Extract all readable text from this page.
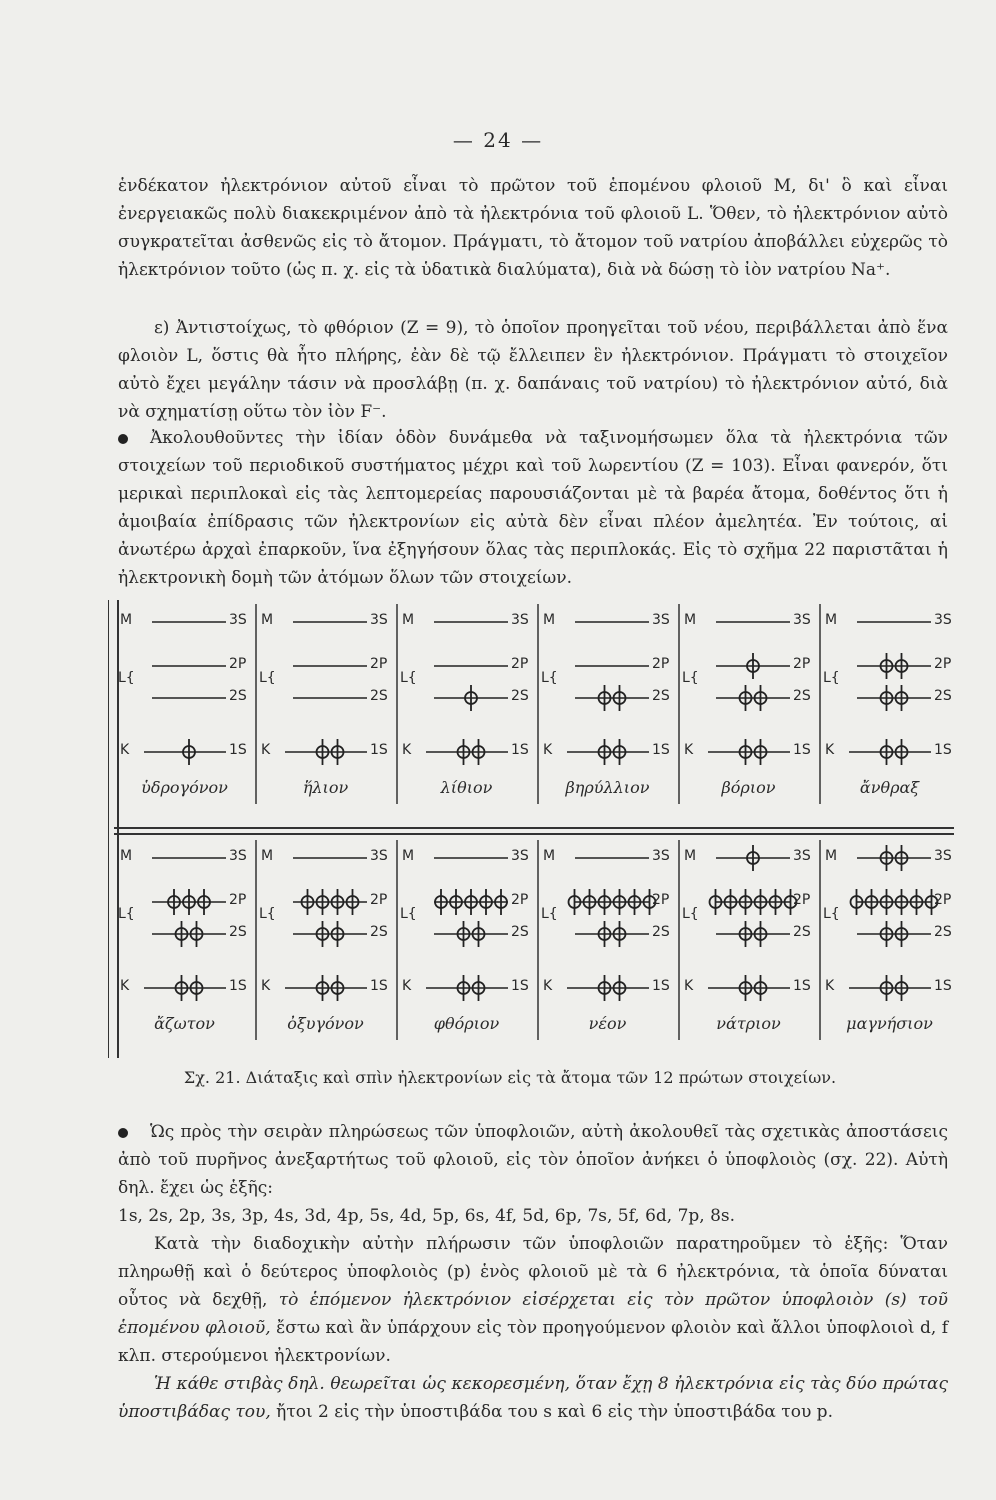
— 24 —

ἑνδέκατον ἠλεκτρόνιον αὐτοῦ εἶναι τὸ πρῶτον τοῦ ἑπομένου φλοιοῦ Μ, δι' ὃ καὶ εἶναι ἐνεργειακῶς πολὺ διακεκριμένον ἀπὸ τὰ ἠλεκτρόνια τοῦ φλοιοῦ L. Ὅθεν, τὸ ἠλεκτρόνιον αὐτὸ συγκρατεῖται ἀσθενῶς εἰς τὸ ἄτομον. Πράγματι, τὸ ἄτομον τοῦ νατρίου ἀποβάλλει εὐχερῶς τὸ ἠλεκτρόνιον τοῦτο (ὡς π. χ. εἰς τὰ ὑδατικὰ διαλύματα), διὰ νὰ δώσῃ τὸ ἰὸν νατρίου Na⁺.

ε) Ἀντιστοίχως, τὸ φθόριον (Ζ = 9), τὸ ὁποῖον προηγεῖται τοῦ νέου, περιβάλλεται ἀπὸ ἕνα φλοιὸν L, ὅστις θὰ ἦτο πλήρης, ἐὰν δὲ τῷ ἔλλειπεν ἓν ἠλεκτρόνιον. Πράγματι τὸ στοιχεῖον αὐτὸ ἔχει μεγάλην τάσιν νὰ προσλάβῃ (π. χ. δαπάναις τοῦ νατρίου) τὸ ἠλεκτρόνιον αὐτό, διὰ νὰ σχηματίσῃ οὕτω τὸν ἰὸν F⁻.

Ἀκολουθοῦντες τὴν ἰδίαν ὁδὸν δυνάμεθα νὰ ταξινομήσωμεν ὅλα τὰ ἠλεκτρόνια τῶν στοιχείων τοῦ περιοδικοῦ συστήματος μέχρι καὶ τοῦ λωρεντίου (Ζ = 103). Εἶναι φανερόν, ὅτι μερικαὶ περιπλοκαὶ εἰς τὰς λεπτομερείας παρουσιάζονται μὲ τὰ βαρέα ἄτομα, δοθέντος ὅτι ἡ ἀμοιβαία ἐπίδρασις τῶν ἠλεκτρονίων εἰς αὐτὰ δὲν εἶναι πλέον ἀμελητέα. Ἐν τούτοις, αἱ ἀνωτέρω ἀρχαὶ ἐπαρκοῦν, ἵνα ἐξηγήσουν ὅλας τὰς περιπλοκάς. Εἰς τὸ σχῆμα 22 παριστᾶται ἡ ἠλεκτρονικὴ δομὴ τῶν ἀτόμων ὅλων τῶν στοιχείων.

M
L{
K
3S
2P
2S
1S
ὑδρογόνον
M
L{
K
3S
2P
2S
1S
ἥλιον
M
L{
K
3S
2P
2S
1S
λίθιον
M
L{
K
3S
2P
2S
1S
βηρύλλιον
M
L{
K
3S
2P
2S
1S
βόριον
M
L{
K
3S
2P
2S
1S
ἄνθραξ
M
L{
K
3S
2P
2S
1S
ἄζωτον
M
L{
K
3S
2P
2S
1S
ὀξυγόνον
M
L{
K
3S
2P
2S
1S
φθόριον
M
L{
K
3S
2P
2S
1S
νέον
M
L{
K
3S
2P
2S
1S
νάτριον
M
L{
K
3S
2P
2S
1S
μαγνήσιον
Σχ. 21. Διάταξις καὶ σπὶν ἠλεκτρονίων εἰς τὰ ἄτομα τῶν 12 πρώτων στοιχείων.

Ὡς πρὸς τὴν σειρὰν πληρώσεως τῶν ὑποφλοιῶν, αὐτὴ ἀκολουθεῖ τὰς σχετικὰς ἀποστάσεις ἀπὸ τοῦ πυρῆνος ἀνεξαρτήτως τοῦ φλοιοῦ, εἰς τὸν ὁποῖον ἀνήκει ὁ ὑποφλοιὸς (σχ. 22). Αὐτὴ δηλ. ἔχει ὡς ἑξῆς:

1s, 2s, 2p, 3s, 3p, 4s, 3d, 4p, 5s, 4d, 5p, 6s, 4f, 5d, 6p, 7s, 5f, 6d, 7p, 8s.

Κατὰ τὴν διαδοχικὴν αὐτὴν πλήρωσιν τῶν ὑποφλοιῶν παρατηροῦμεν τὸ ἑξῆς: Ὅταν πληρωθῇ καὶ ὁ δεύτερος ὑποφλοιὸς (p) ἑνὸς φλοιοῦ μὲ τὰ 6 ἠλεκτρόνια, τὰ ὁποῖα δύναται οὗτος νὰ δεχθῇ, τὸ ἑπόμενον ἠλεκτρόνιον εἰσέρχεται εἰς τὸν πρῶτον ὑποφλοιὸν (s) τοῦ ἑπομένου φλοιοῦ, ἔστω καὶ ἂν ὑπάρχουν εἰς τὸν προηγούμενον φλοιὸν καὶ ἄλλοι ὑποφλοιοὶ d, f κλπ. στερούμενοι ἠλεκτρονίων.

Ἡ κάθε στιβὰς δηλ. θεωρεῖται ὡς κεκορεσμένη, ὅταν ἔχῃ 8 ἠλεκτρόνια εἰς τὰς δύο πρώτας ὑποστιβάδας του, ἤτοι 2 εἰς τὴν ὑποστιβάδα του s καὶ 6 εἰς τὴν ὑποστιβάδα του p.
